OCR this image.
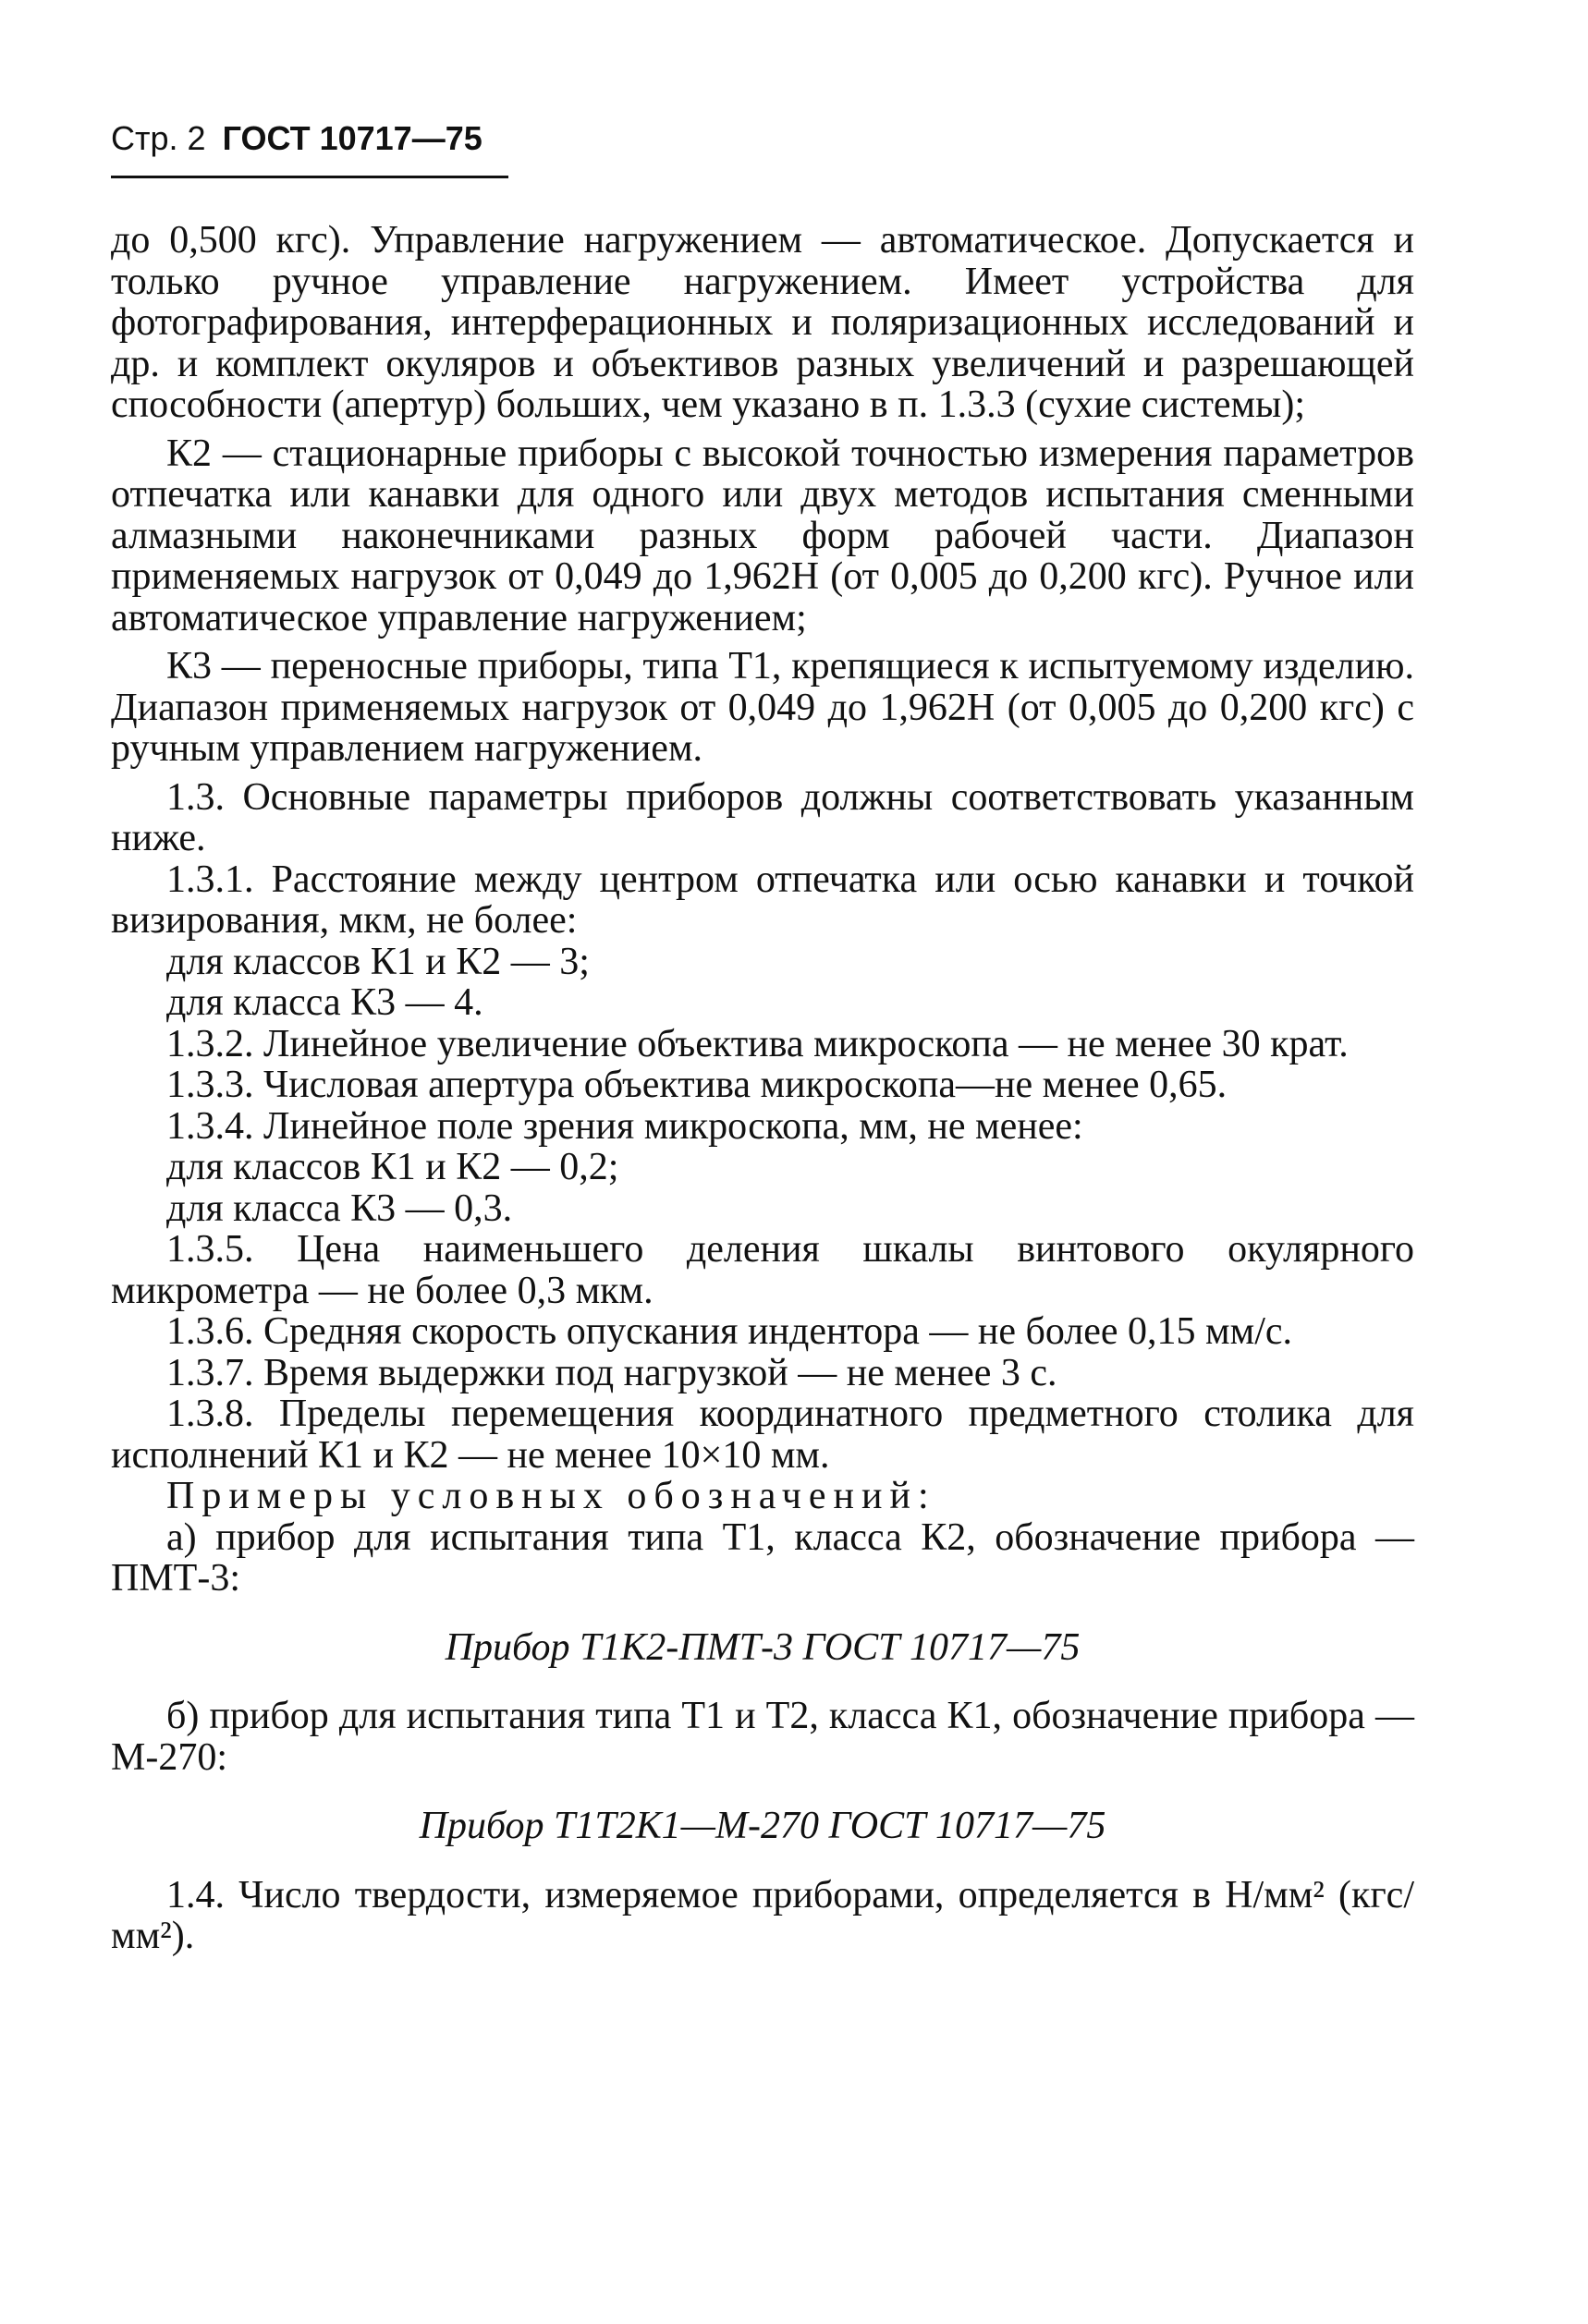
Стр. 2 ГОСТ 10717—75

до 0,500 кгс). Управление нагружением — автоматическое. Допускается и только ручное управление нагружением. Имеет устройства для фотографирования, интерферационных и поляризационных исследований и др. и комплект окуляров и объективов разных увеличений и разрешающей способности (апертур) больших, чем указано в п. 1.3.3 (сухие системы);

К2 — стационарные приборы с высокой точностью измерения параметров отпечатка или канавки для одного или двух методов испытания сменными алмазными наконечниками разных форм рабочей части. Диапазон применяемых нагрузок от 0,049 до 1,962Н (от 0,005 до 0,200 кгс). Ручное или автоматическое управление нагружением;

К3 — переносные приборы, типа Т1, крепящиеся к испытуемому изделию. Диапазон применяемых нагрузок от 0,049 до 1,962Н (от 0,005 до 0,200 кгс) с ручным управлением нагружением.

1.3. Основные параметры приборов должны соответствовать указанным ниже.

1.3.1. Расстояние между центром отпечатка или осью канавки и точкой визирования, мкм, не более:

для классов К1 и К2 — 3;

для класса К3 — 4.

1.3.2. Линейное увеличение объектива микроскопа — не менее 30 крат.

1.3.3. Числовая апертура объектива микроскопа—не менее 0,65.

1.3.4. Линейное поле зрения микроскопа, мм, не менее:

для классов К1 и К2 — 0,2;

для класса К3 — 0,3.

1.3.5. Цена наименьшего деления шкалы винтового окулярного микрометра — не более 0,3 мкм.

1.3.6. Средняя скорость опускания индентора — не более 0,15 мм/с.

1.3.7. Время выдержки под нагрузкой — не менее 3 с.

1.3.8. Пределы перемещения координатного предметного столика для исполнений К1 и К2 — не менее 10×10 мм.

Примеры условных обозначений:

а) прибор для испытания типа Т1, класса К2, обозначение прибора — ПМТ-3:

Прибор Т1К2-ПМТ-3 ГОСТ 10717—75

б) прибор для испытания типа Т1 и Т2, класса К1, обозначение прибора — М-270:

Прибор Т1Т2К1—М-270 ГОСТ 10717—75

1.4. Число твердости, измеряемое приборами, определяется в Н/мм² (кгс/мм²).
